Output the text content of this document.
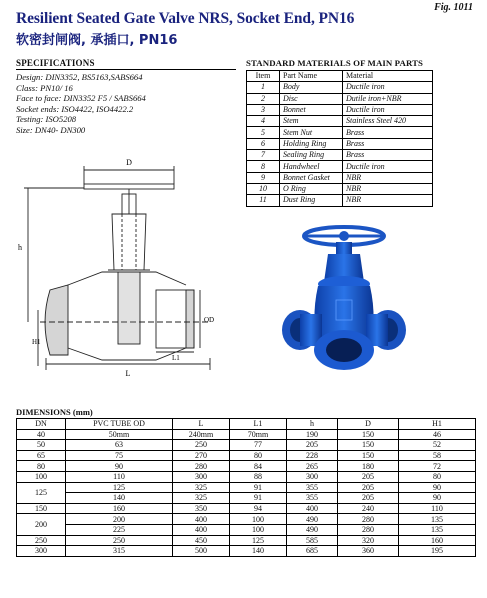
Fig. 1011
Resilient Seated Gate Valve NRS, Socket End, PN16
软密封闸阀, 承插口, PN16
SPECIFICATIONS
Design: DIN3352, BS5163,SABS664
Class: PN10/ 16
Face to face: DIN3352 F5 / SABS664
Socket ends: ISO4422, ISO4422.2
Testing: ISO5208
Size: DN40- DN300
STANDARD MATERIALS OF MAIN PARTS
Item	Part Name	Material
1	Body	Ductile iron
2	Disc	Dutile iron+NBR
3	Bonnet	Ductile iron
4	Stem	Stainless Steel 420
5	Stem Nut	Brass
6	Holding Ring	Brass
7	Sealing Ring	Brass
8	Handwheel	Ductile iron
9	Bonnet Gasket	NBR
10	O Ring	NBR
11	Dust Ring	NBR
D
h
H1
L
L1
OD
DIMENSIONS (mm)
DN	PVC TUBE OD	L	L1	h	D	H1
40	50mm	240mm	70mm	190	150	46
50	63	250	77	205	150	52
65	75	270	80	228	150	58
80	90	280	84	265	180	72
100	110	300	88	300	205	80
125	125	325	91	355	205	90
	140	325	91	355	205	90
150	160	350	94	400	240	110
200	200	400	100	490	280	135
	225	400	100	490	280	135
250	250	450	125	585	320	160
300	315	500	140	685	360	195
